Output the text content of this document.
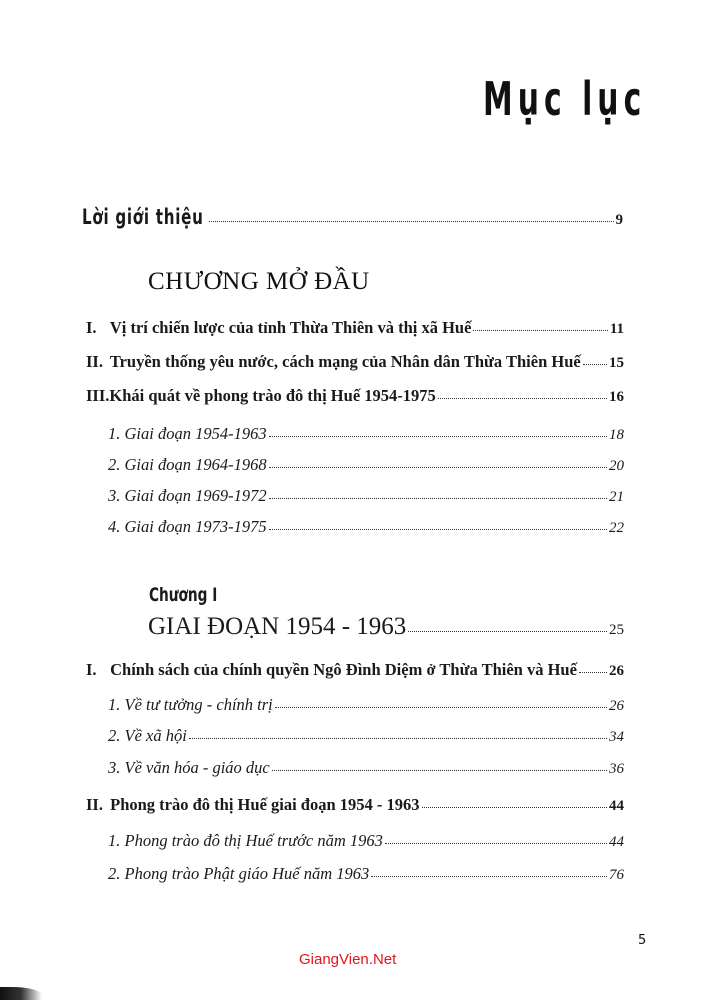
Mục lục
Lời giới thiệu	9
CHƯƠNG MỞ ĐẦU
I. Vị trí chiến lược của tỉnh Thừa Thiên và thị xã Huế	11
II. Truyền thống yêu nước, cách mạng của Nhân dân Thừa Thiên Huế 15
III.Khái quát về phong trào đô thị Huế 1954-1975	16
1. Giai đoạn 1954-1963	18
2. Giai đoạn 1964-1968	20
3. Giai đoạn 1969-1972	21
4. Giai đoạn 1973-1975	22
Chương I
GIAI ĐOẠN 1954 - 1963	25
I. Chính sách của chính quyền Ngô Đình Diệm ở Thừa Thiên và Huế 26
1. Về tư tưởng - chính trị	26
2. Về xã hội	34
3. Về văn hóa - giáo dục	36
II. Phong trào đô thị Huế giai đoạn 1954 - 1963	44
1. Phong trào đô thị Huế trước năm 1963	44
2. Phong trào Phật giáo Huế năm 1963	76
5
GiangVien.Net
